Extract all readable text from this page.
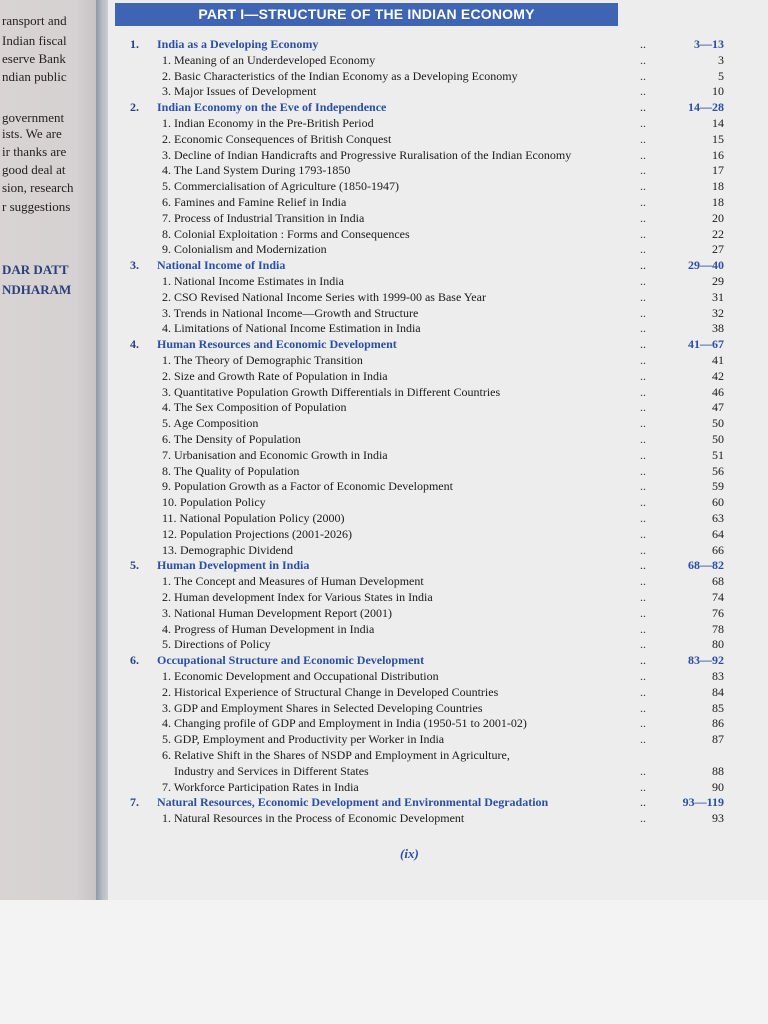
ransport and
Indian fiscal
eserve Bank
ndian public
government
ists. We are
ir thanks are
good deal at
sion, research
r suggestions
DAR DATT
NDHARAM
PART I—STRUCTURE OF THE INDIAN ECONOMY
1. India as a Developing Economy	..	3—13
1. Meaning of an Underdeveloped Economy	..	3
2. Basic Characteristics of the Indian Economy as a Developing Economy	..	5
3. Major Issues of Development	..	10
2. Indian Economy on the Eve of Independence	..	14—28
1. Indian Economy in the Pre-British Period	..	14
2. Economic Consequences of British Conquest	..	15
3. Decline of Indian Handicrafts and Progressive Ruralisation of the Indian Economy	..	16
4. The Land System During 1793-1850	..	17
5. Commercialisation of Agriculture (1850-1947)	..	18
6. Famines and Famine Relief in India	..	18
7. Process of Industrial Transition in India	..	20
8. Colonial Exploitation : Forms and Consequences	..	22
9. Colonialism and Modernization	..	27
3. National Income of India	..	29—40
1. National Income Estimates in India	..	29
2. CSO Revised National Income Series with 1999-00 as Base Year	..	31
3. Trends in National Income—Growth and Structure	..	32
4. Limitations of National Income Estimation in India	..	38
4. Human Resources and Economic Development	..	41—67
1. The Theory of Demographic Transition	..	41
2. Size and Growth Rate of Population in India	..	42
3. Quantitative Population Growth Differentials in Different Countries	..	46
4. The Sex Composition of Population	..	47
5. Age Composition	..	50
6. The Density of Population	..	50
7. Urbanisation and Economic Growth in India	..	51
8. The Quality of Population	..	56
9. Population Growth as a Factor of Economic Development	..	59
10. Population Policy	..	60
11. National Population Policy (2000)	..	63
12. Population Projections (2001-2026)	..	64
13. Demographic Dividend	..	66
5. Human Development in India	..	68—82
1. The Concept and Measures of Human Development	..	68
2. Human development Index for Various States in India	..	74
3. National Human Development Report (2001)	..	76
4. Progress of Human Development in India	..	78
5. Directions of Policy	..	80
6. Occupational Structure and Economic Development	..	83—92
1. Economic Development and Occupational Distribution	..	83
2. Historical Experience of Structural Change in Developed Countries	..	84
3. GDP and Employment Shares in Selected Developing Countries	..	85
4. Changing profile of GDP and Employment in India (1950-51 to 2001-02)	..	86
5. GDP, Employment and Productivity per Worker in India	..	87
6. Relative Shift in the Shares of NSDP and Employment in Agriculture,
Industry and Services in Different States	..	88
7. Workforce Participation Rates in India	..	90
7. Natural Resources, Economic Development and Environmental Degradation	..	93—119
1. Natural Resources in the Process of Economic Development	..	93
(ix)
